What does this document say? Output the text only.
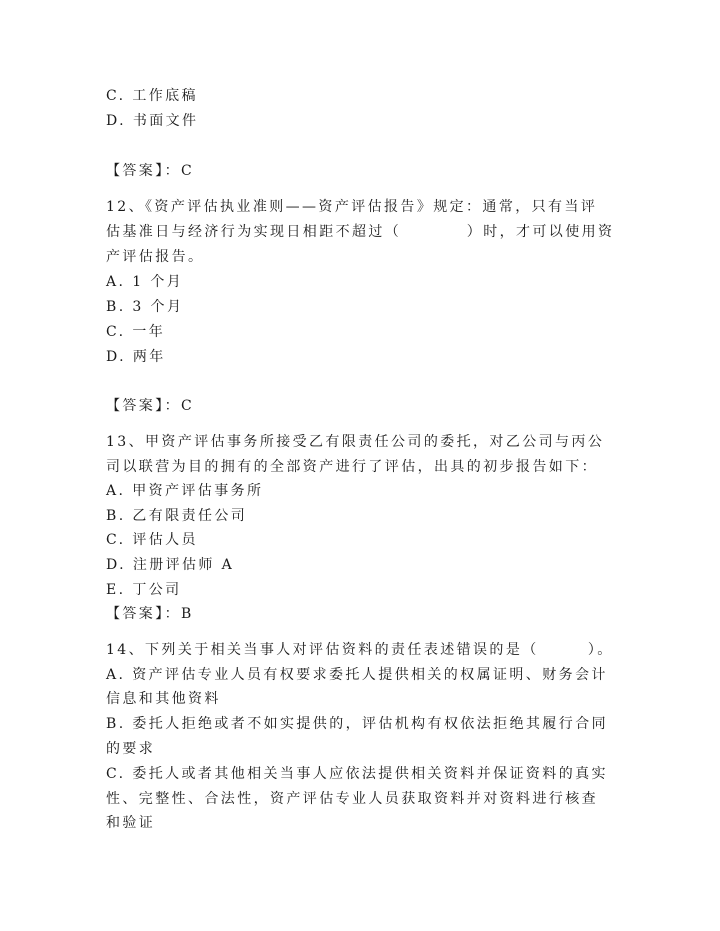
C. 工作底稿
D. 书面文件
【答案】：C
12、《资产评估执业准则——资产评估报告》规定：通常，只有当评
估基准日与经济行为实现日相距不超过（　　　　）时，才可以使用资
产评估报告。
A. 1 个月
B. 3 个月
C. 一年
D. 两年
【答案】：C
13、甲资产评估事务所接受乙有限责任公司的委托，对乙公司与丙公
司以联营为目的拥有的全部资产进行了评估，出具的初步报告如下：
A. 甲资产评估事务所
B. 乙有限责任公司
C. 评估人员
D. 注册评估师 A
E. 丁公司
【答案】：B
14、下列关于相关当事人对评估资料的责任表述错误的是（　　　）。
A. 资产评估专业人员有权要求委托人提供相关的权属证明、财务会计
信息和其他资料
B. 委托人拒绝或者不如实提供的，评估机构有权依法拒绝其履行合同
的要求
C. 委托人或者其他相关当事人应依法提供相关资料并保证资料的真实
性、完整性、合法性，资产评估专业人员获取资料并对资料进行核查
和验证
